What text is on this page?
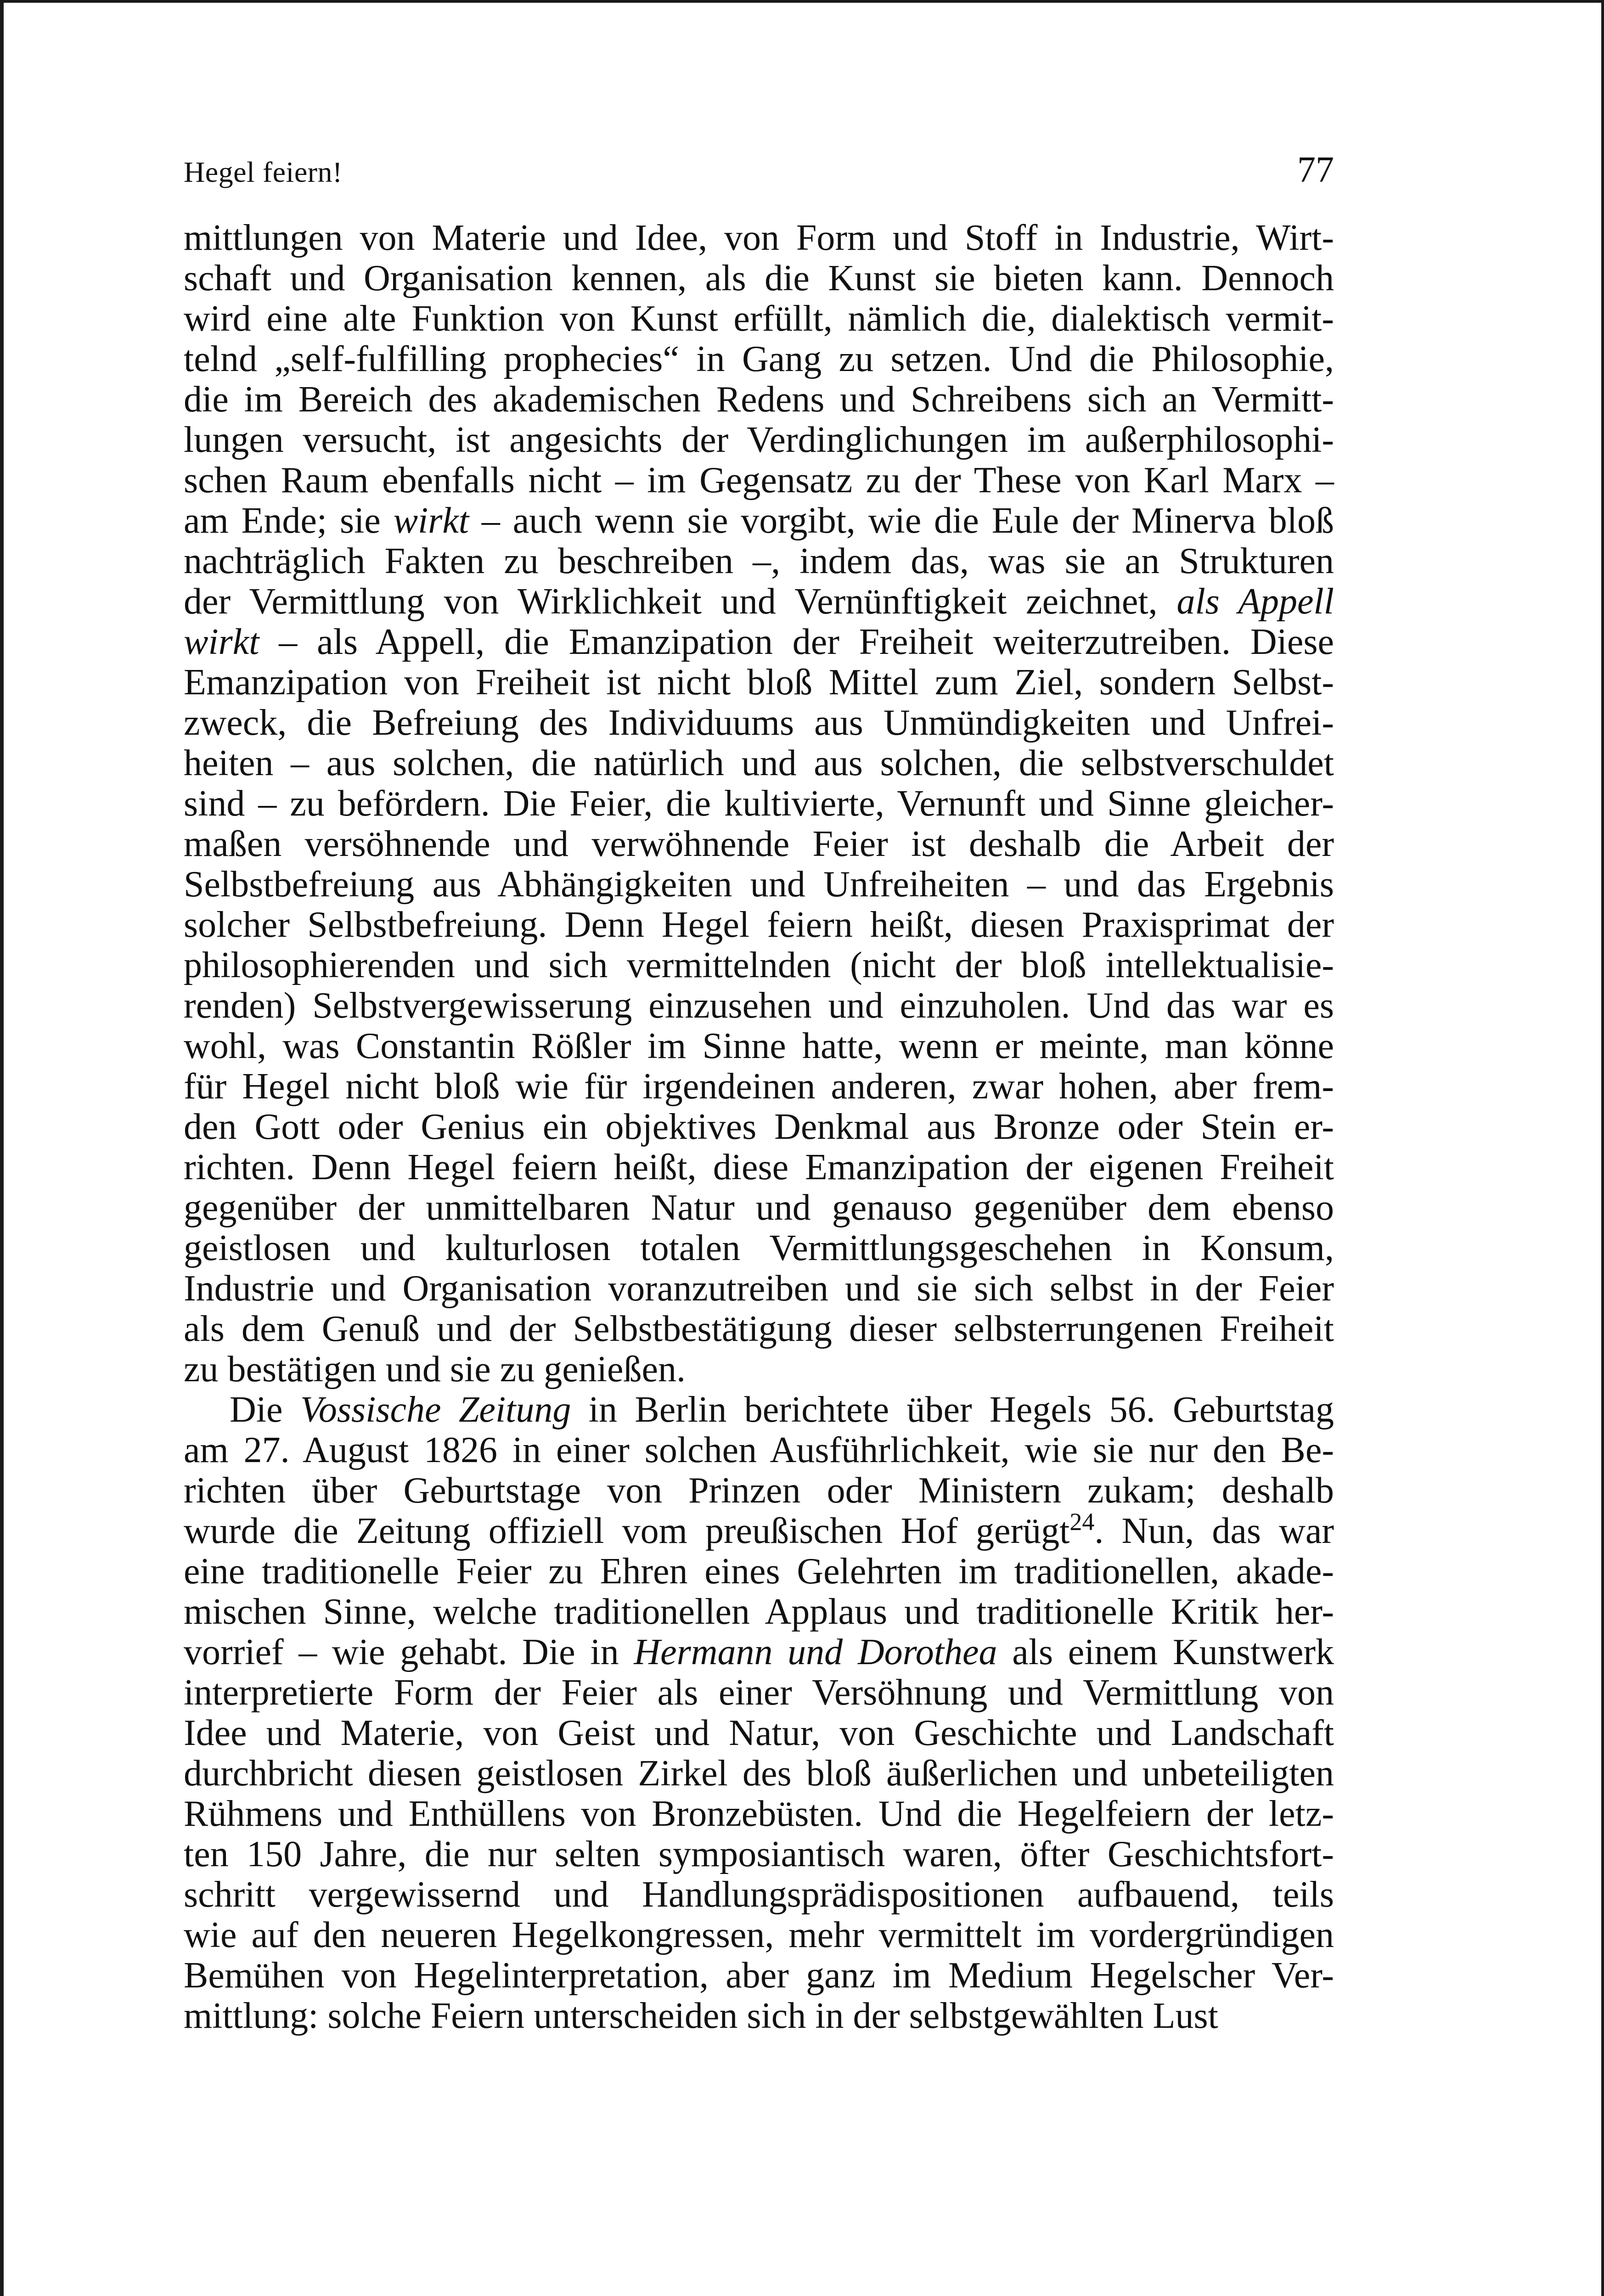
Hegel feiern!	77
mittlungen von Materie und Idee, von Form und Stoff in Industrie, Wirt-
schaft und Organisation kennen, als die Kunst sie bieten kann. Dennoch
wird eine alte Funktion von Kunst erfüllt, nämlich die, dialektisch vermit-
telnd „self-fulfilling prophecies“ in Gang zu setzen. Und die Philosophie,
die im Bereich des akademischen Redens und Schreibens sich an Vermitt-
lungen versucht, ist angesichts der Verdinglichungen im außerphilosophi-
schen Raum ebenfalls nicht – im Gegensatz zu der These von Karl Marx –
am Ende; sie wirkt – auch wenn sie vorgibt, wie die Eule der Minerva bloß
nachträglich Fakten zu beschreiben –, indem das, was sie an Strukturen
der Vermittlung von Wirklichkeit und Vernünftigkeit zeichnet, als Appell
wirkt – als Appell, die Emanzipation der Freiheit weiterzutreiben. Diese
Emanzipation von Freiheit ist nicht bloß Mittel zum Ziel, sondern Selbst-
zweck, die Befreiung des Individuums aus Unmündigkeiten und Unfrei-
heiten – aus solchen, die natürlich und aus solchen, die selbstverschuldet
sind – zu befördern. Die Feier, die kultivierte, Vernunft und Sinne gleicher-
maßen versöhnende und verwöhnende Feier ist deshalb die Arbeit der
Selbstbefreiung aus Abhängigkeiten und Unfreiheiten – und das Ergebnis
solcher Selbstbefreiung. Denn Hegel feiern heißt, diesen Praxisprimat der
philosophierenden und sich vermittelnden (nicht der bloß intellektualisie-
renden) Selbstvergewisserung einzusehen und einzuholen. Und das war es
wohl, was Constantin Rößler im Sinne hatte, wenn er meinte, man könne
für Hegel nicht bloß wie für irgendeinen anderen, zwar hohen, aber frem-
den Gott oder Genius ein objektives Denkmal aus Bronze oder Stein er-
richten. Denn Hegel feiern heißt, diese Emanzipation der eigenen Freiheit
gegenüber der unmittelbaren Natur und genauso gegenüber dem ebenso
geistlosen und kulturlosen totalen Vermittlungsgeschehen in Konsum,
Industrie und Organisation voranzutreiben und sie sich selbst in der Feier
als dem Genuß und der Selbstbestätigung dieser selbsterrungenen Freiheit
zu bestätigen und sie zu genießen.
Die Vossische Zeitung in Berlin berichtete über Hegels 56. Geburtstag
am 27. August 1826 in einer solchen Ausführlichkeit, wie sie nur den Be-
richten über Geburtstage von Prinzen oder Ministern zukam; deshalb
wurde die Zeitung offiziell vom preußischen Hof gerügt$^{24}$. Nun, das war
eine traditionelle Feier zu Ehren eines Gelehrten im traditionellen, akade-
mischen Sinne, welche traditionellen Applaus und traditionelle Kritik her-
vorrief – wie gehabt. Die in Hermann und Dorothea als einem Kunstwerk
interpretierte Form der Feier als einer Versöhnung und Vermittlung von
Idee und Materie, von Geist und Natur, von Geschichte und Landschaft
durchbricht diesen geistlosen Zirkel des bloß äußerlichen und unbeteiligten
Rühmens und Enthüllens von Bronzebüsten. Und die Hegelfeiern der letz-
ten 150 Jahre, die nur selten symposiantisch waren, öfter Geschichtsfort-
schritt vergewissernd und Handlungsprädispositionen aufbauend, teils
wie auf den neueren Hegelkongressen, mehr vermittelt im vordergründigen
Bemühen von Hegelinterpretation, aber ganz im Medium Hegelscher Ver-
mittlung: solche Feiern unterscheiden sich in der selbstgewählten Lust
